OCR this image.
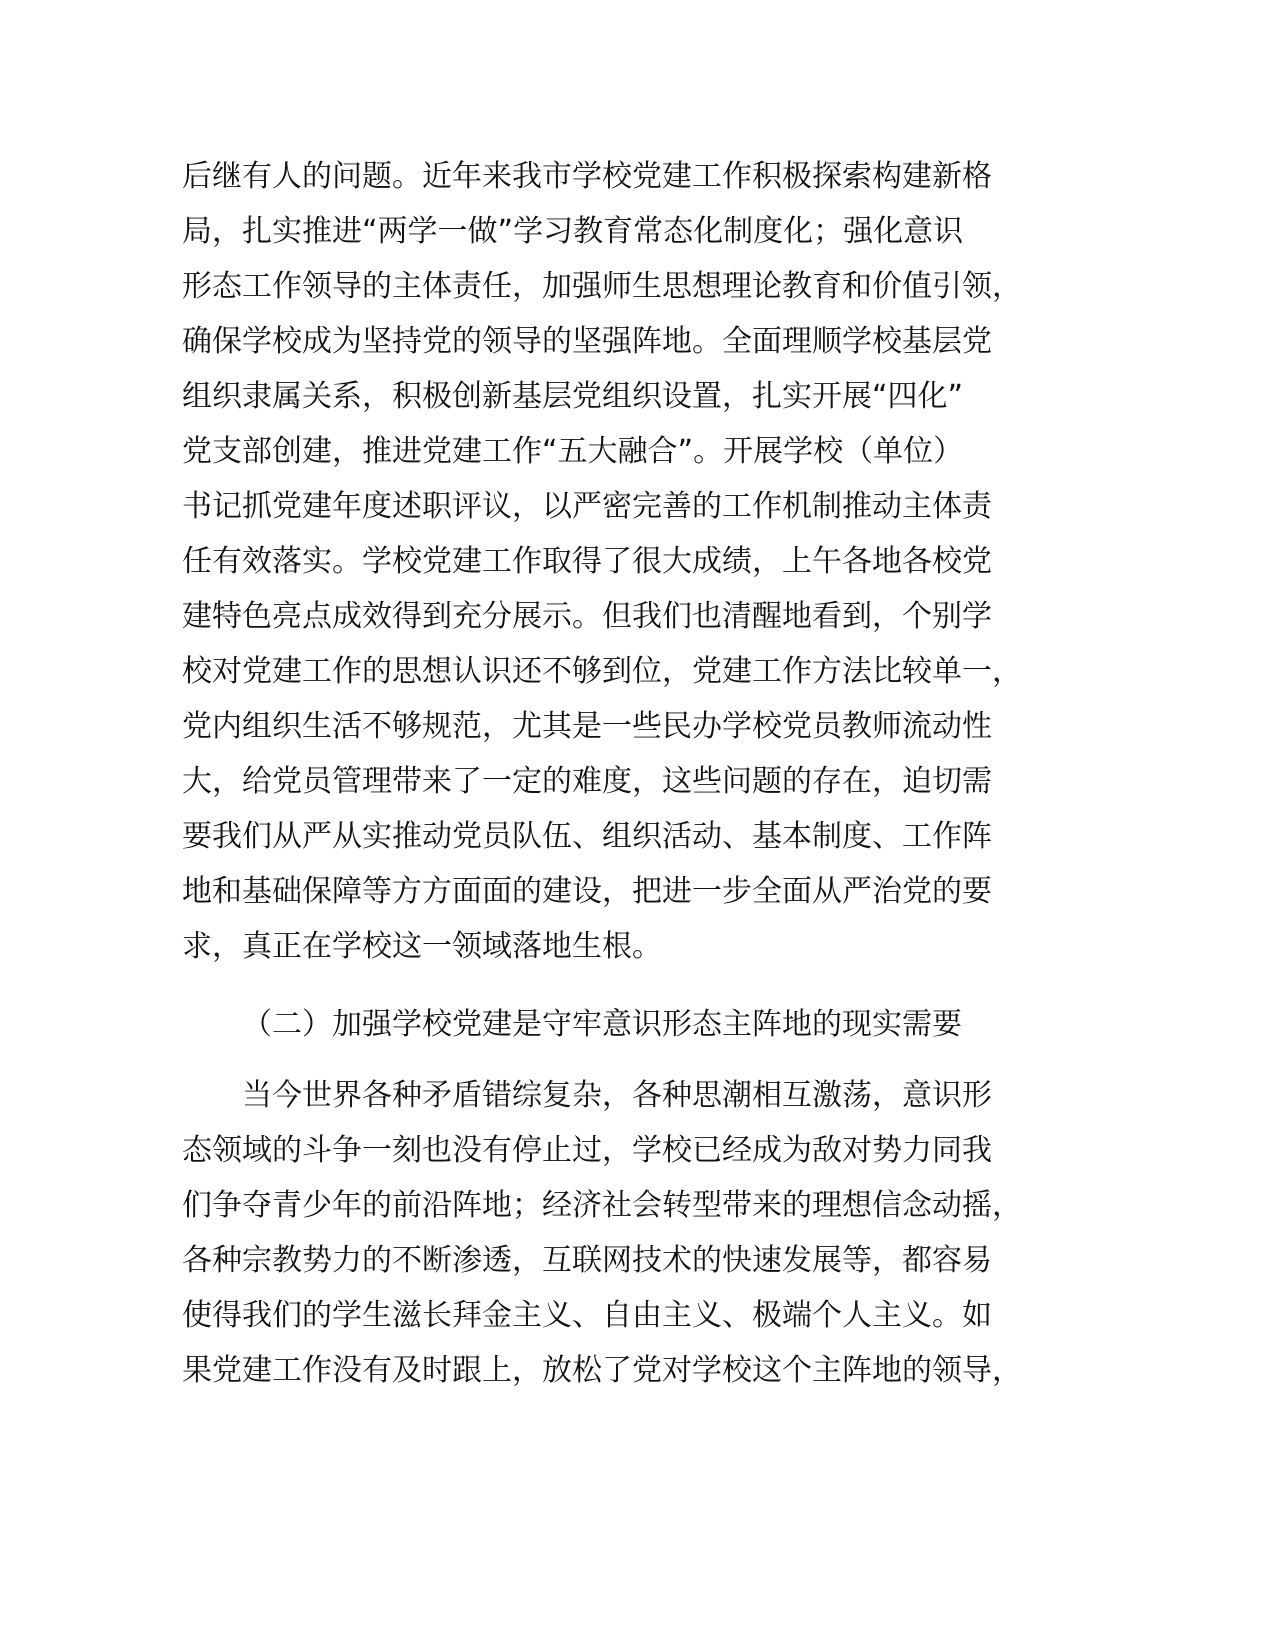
后继有人的问题。近年来我市学校党建工作积极探索构建新格
局，扎实推进“两学一做”学习教育常态化制度化；强化意识
形态工作领导的主体责任，加强师生思想理论教育和价值引领，
确保学校成为坚持党的领导的坚强阵地。全面理顺学校基层党
组织隶属关系，积极创新基层党组织设置，扎实开展“四化”
党支部创建，推进党建工作“五大融合”。开展学校（单位）
书记抓党建年度述职评议，以严密完善的工作机制推动主体责
任有效落实。学校党建工作取得了很大成绩，上午各地各校党
建特色亮点成效得到充分展示。但我们也清醒地看到，个别学
校对党建工作的思想认识还不够到位，党建工作方法比较单一，
党内组织生活不够规范，尤其是一些民办学校党员教师流动性
大，给党员管理带来了一定的难度，这些问题的存在，迫切需
要我们从严从实推动党员队伍、组织活动、基本制度、工作阵
地和基础保障等方方面面的建设，把进一步全面从严治党的要
求，真正在学校这一领域落地生根。
（二）加强学校党建是守牢意识形态主阵地的现实需要
当今世界各种矛盾错综复杂，各种思潮相互激荡，意识形
态领域的斗争一刻也没有停止过，学校已经成为敌对势力同我
们争夺青少年的前沿阵地；经济社会转型带来的理想信念动摇，
各种宗教势力的不断渗透，互联网技术的快速发展等，都容易
使得我们的学生滋长拜金主义、自由主义、极端个人主义。如
果党建工作没有及时跟上，放松了党对学校这个主阵地的领导，
